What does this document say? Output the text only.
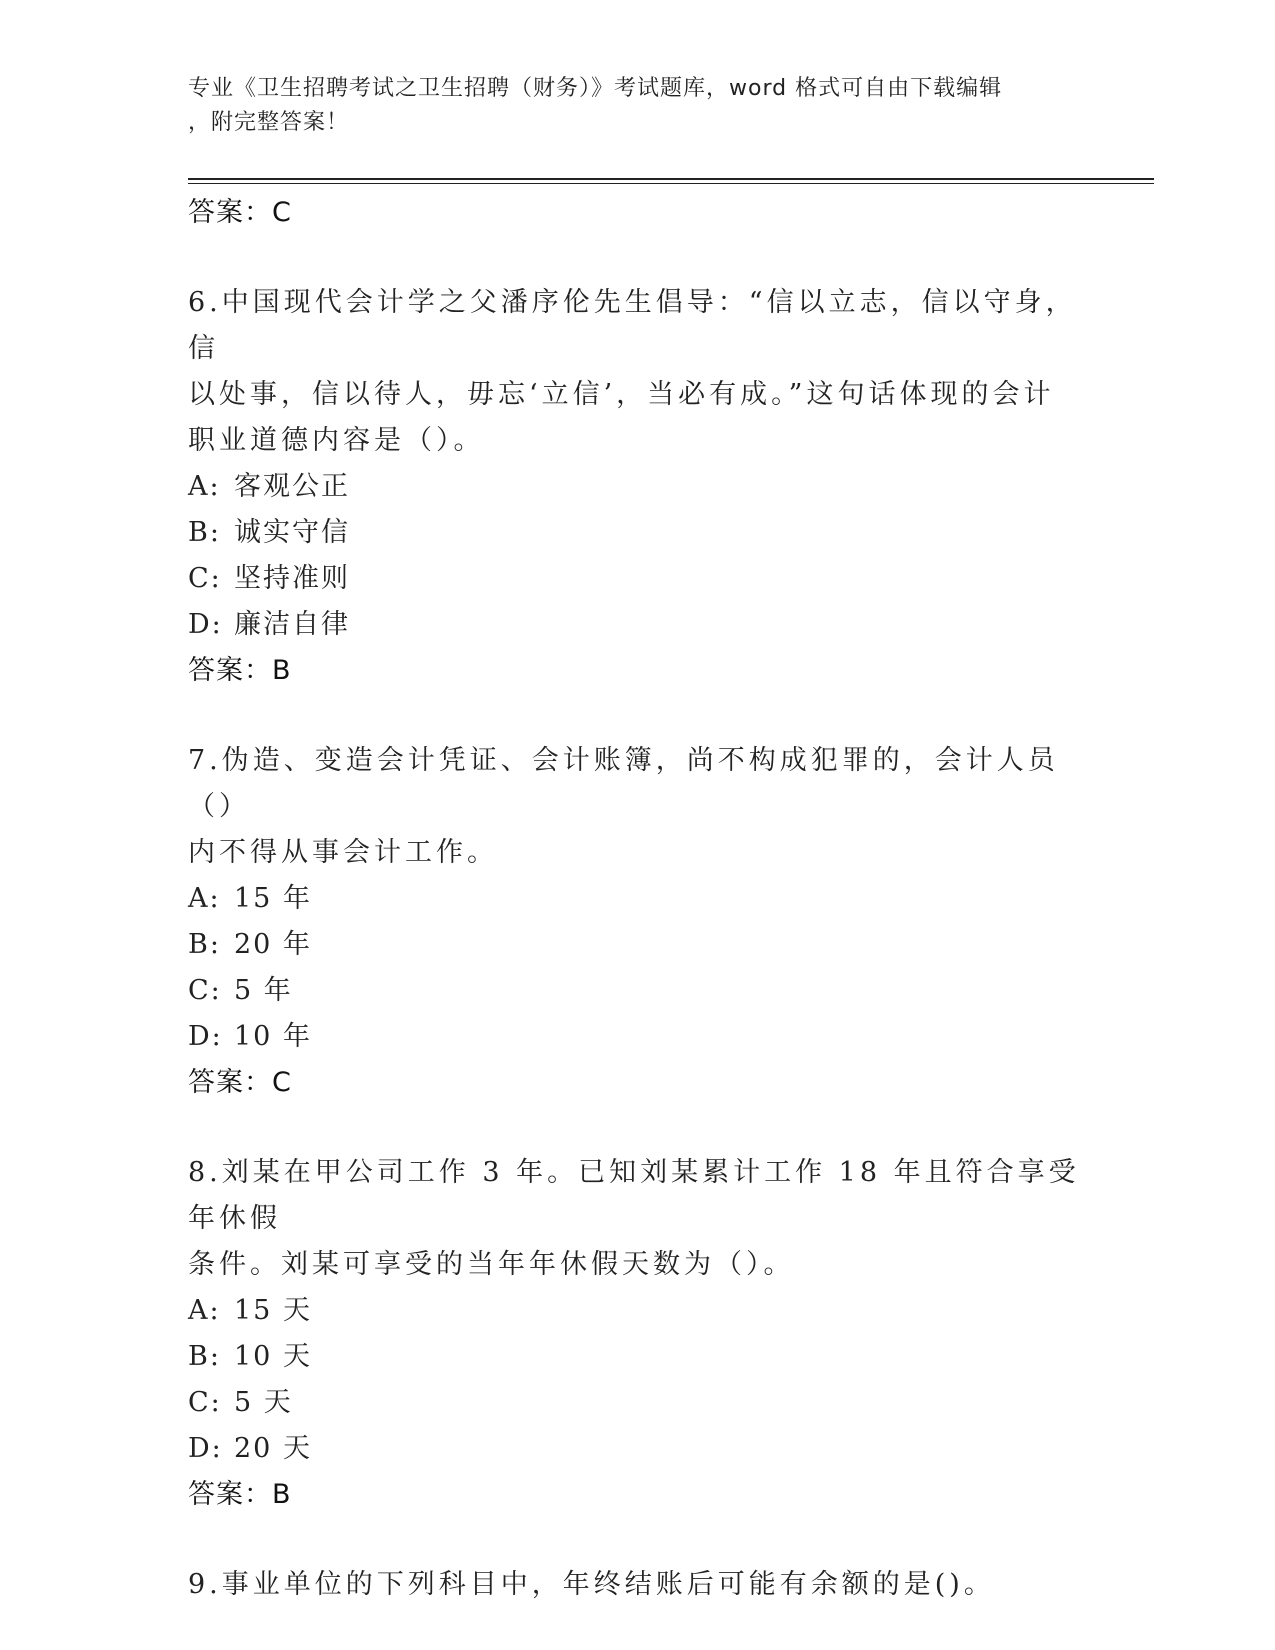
专业《卫生招聘考试之卫生招聘（财务）》考试题库，word 格式可自由下载编辑
，附完整答案！
答案：C

6.中国现代会计学之父潘序伦先生倡导：“信以立志，信以守身，信

以处事，信以待人，毋忘‘立信’，当必有成。”这句话体现的会计

职业道德内容是（）。

A: 客观公正
B: 诚实守信
C: 坚持准则
D: 廉洁自律
答案：B

7.伪造、变造会计凭证、会计账簿，尚不构成犯罪的，会计人员（）

内不得从事会计工作。

A: 15 年
B: 20 年
C: 5 年
D: 10 年
答案：C

8.刘某在甲公司工作 3 年。已知刘某累计工作 18 年且符合享受年休假

条件。刘某可享受的当年年休假天数为（）。

A: 15 天
B: 10 天
C: 5 天
D: 20 天
答案：B

9.事业单位的下列科目中，年终结账后可能有余额的是()。
